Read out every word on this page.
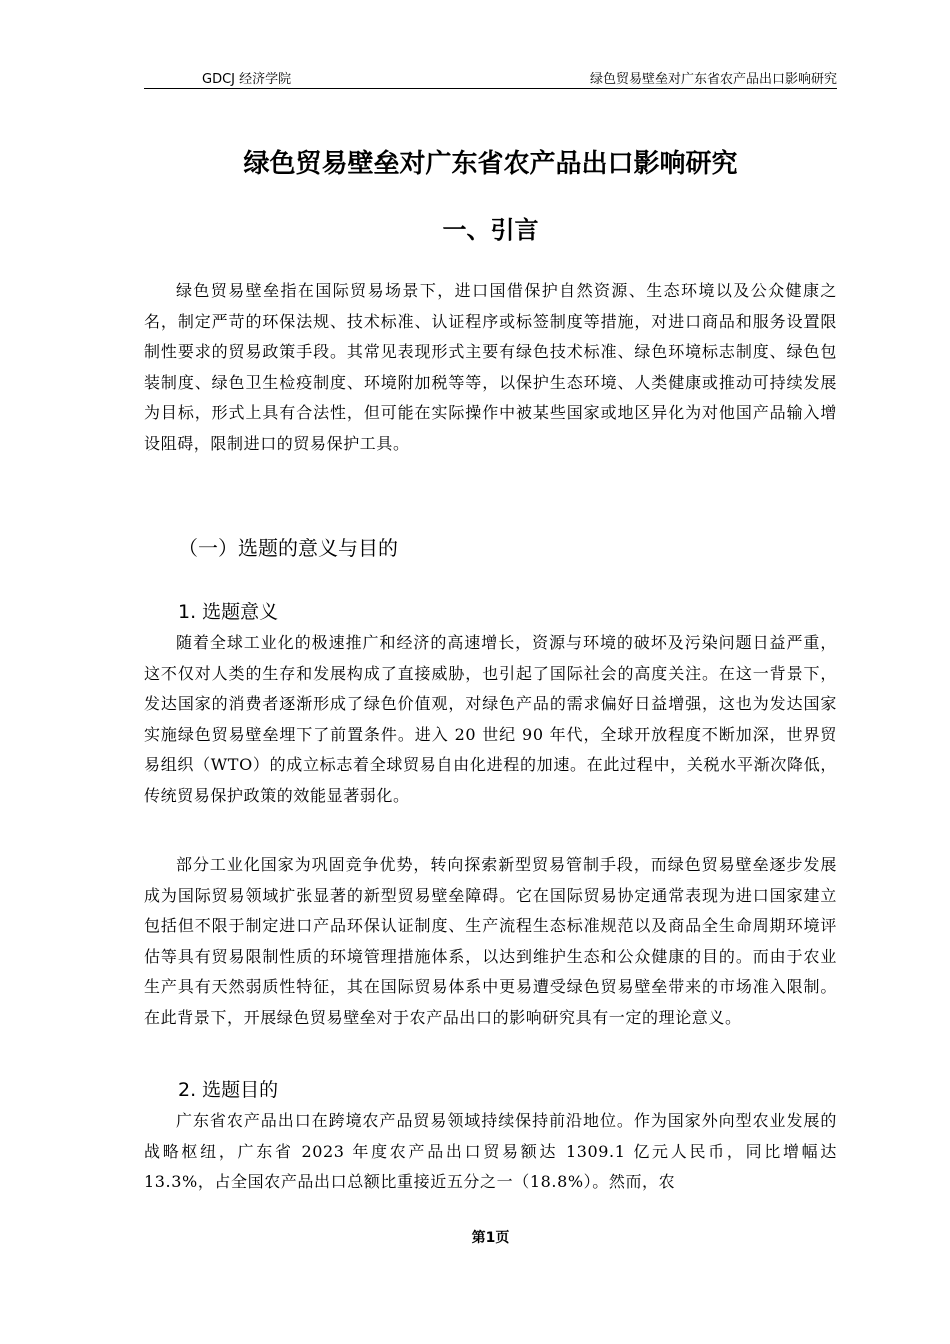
GDCJ 经济学院	绿色贸易壁垒对广东省农产品出口影响研究
绿色贸易壁垒对广东省农产品出口影响研究
一、引言

绿色贸易壁垒指在国际贸易场景下，进口国借保护自然资源、生态环境以及公众健康之名，制定严苛的环保法规、技术标准、认证程序或标签制度等措施，对进口商品和服务设置限制性要求的贸易政策手段。其常见表现形式主要有绿色技术标准、绿色环境标志制度、绿色包装制度、绿色卫生检疫制度、环境附加税等等，以保护生态环境、人类健康或推动可持续发展为目标，形式上具有合法性，但可能在实际操作中被某些国家或地区异化为对他国产品输入增设阻碍，限制进口的贸易保护工具。

（一）选题的意义与目的
1. 选题意义

随着全球工业化的极速推广和经济的高速增长，资源与环境的破坏及污染问题日益严重，这不仅对人类的生存和发展构成了直接威胁，也引起了国际社会的高度关注。在这一背景下，发达国家的消费者逐渐形成了绿色价值观，对绿色产品的需求偏好日益增强，这也为发达国家实施绿色贸易壁垒埋下了前置条件。进入 20 世纪 90 年代，全球开放程度不断加深，世界贸易组织（WTO）的成立标志着全球贸易自由化进程的加速。在此过程中，关税水平渐次降低，传统贸易保护政策的效能显著弱化。

部分工业化国家为巩固竞争优势，转向探索新型贸易管制手段，而绿色贸易壁垒逐步发展成为国际贸易领域扩张显著的新型贸易壁垒障碍。它在国际贸易协定通常表现为进口国家建立包括但不限于制定进口产品环保认证制度、生产流程生态标准规范以及商品全生命周期环境评估等具有贸易限制性质的环境管理措施体系，以达到维护生态和公众健康的目的。而由于农业生产具有天然弱质性特征，其在国际贸易体系中更易遭受绿色贸易壁垒带来的市场准入限制。在此背景下，开展绿色贸易壁垒对于农产品出口的影响研究具有一定的理论意义。

2. 选题目的

广东省农产品出口在跨境农产品贸易领域持续保持前沿地位。作为国家外向型农业发展的战略枢纽，广东省 2023 年度农产品出口贸易额达 1309.1 亿元人民币，同比增幅达 13.3%，占全国农产品出口总额比重接近五分之一（18.8%）。然而，农

第1页
